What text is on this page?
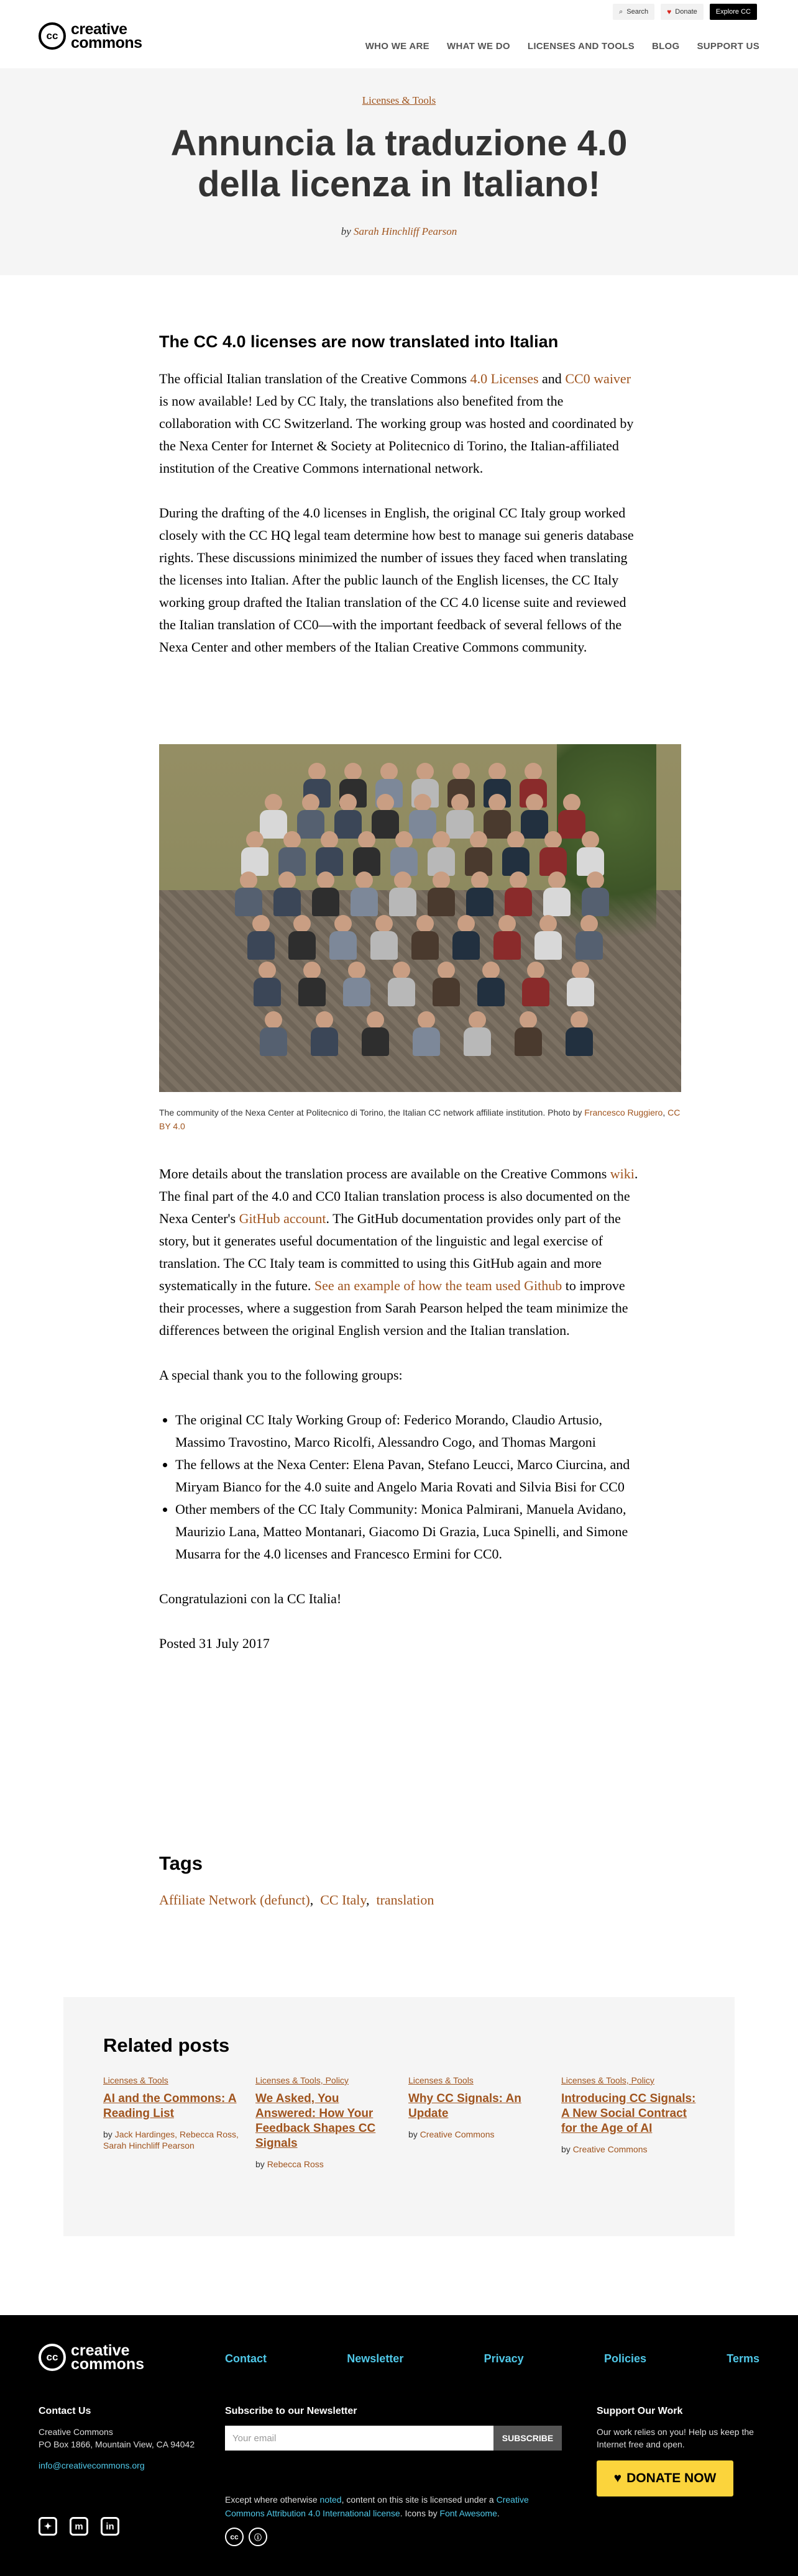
⌕ Search	♥ Donate	Explore CC
cc creative
commons	WHO WE ARE WHAT WE DO LICENSES AND TOOLS BLOG SUPPORT US
Licenses & Tools
Annuncia la traduzione 4.0 della licenza in Italiano!
by Sarah Hinchliff Pearson
The CC 4.0 licenses are now translated into Italian

The official Italian translation of the Creative Commons 4.0 Licenses and CC0 waiver is now available! Led by CC Italy, the translations also benefited from the collaboration with CC Switzerland. The working group was hosted and coordinated by the Nexa Center for Internet & Society at Politecnico di Torino, the Italian-affiliated institution of the Creative Commons international network.

During the drafting of the 4.0 licenses in English, the original CC Italy group worked closely with the CC HQ legal team determine how best to manage sui generis database rights. These discussions minimized the number of issues they faced when translating the licenses into Italian. After the public launch of the English licenses, the CC Italy working group drafted the Italian translation of the CC 4.0 license suite and reviewed the Italian translation of CC0—with the important feedback of several fellows of the Nexa Center and other members of the Italian Creative Commons community.

The community of the Nexa Center at Politecnico di Torino, the Italian CC network affiliate institution. Photo by Francesco Ruggiero, CC BY 4.0

More details about the translation process are available on the Creative Commons wiki. The final part of the 4.0 and CC0 Italian translation process is also documented on the Nexa Center's GitHub account. The GitHub documentation provides only part of the story, but it generates useful documentation of the linguistic and legal exercise of translation. The CC Italy team is committed to using this GitHub again and more systematically in the future. See an example of how the team used Github to improve their processes, where a suggestion from Sarah Pearson helped the team minimize the differences between the original English version and the Italian translation.

A special thank you to the following groups:

• The original CC Italy Working Group of: Federico Morando, Claudio Artusio, Massimo Travostino, Marco Ricolfi, Alessandro Cogo, and Thomas Margoni
• The fellows at the Nexa Center: Elena Pavan, Stefano Leucci, Marco Ciurcina, and Miryam Bianco for the 4.0 suite and Angelo Maria Rovati and Silvia Bisi for CC0
• Other members of the CC Italy Community: Monica Palmirani, Manuela Avidano, Maurizio Lana, Matteo Montanari, Giacomo Di Grazia, Luca Spinelli, and Simone Musarra for the 4.0 licenses and Francesco Ermini for CC0.

Congratulazioni con la CC Italia!

Posted 31 July 2017

Tags
Affiliate Network (defunct), CC Italy, translation
Related posts
Licenses & Tools
AI and the Commons: A Reading List
by Jack Hardinges, Rebecca Ross, Sarah Hinchliff Pearson
Licenses & Tools, Policy
We Asked, You Answered: How Your Feedback Shapes CC Signals
by Rebecca Ross
Licenses & Tools
Why CC Signals: An Update
by Creative Commons
Licenses & Tools, Policy
Introducing CC Signals: A New Social Contract for the Age of AI
by Creative Commons
cc creative
commons	Contact	Newsletter	Privacy	Policies	Terms
Contact Us
Creative Commons
PO Box 1866, Mountain View, CA 94042
info@creativecommons.org
Subscribe to our Newsletter
Your email	SUBSCRIBE
Support Our Work
Our work relies on you! Help us keep the Internet free and open.
♥ DONATE NOW
✦	m	in
Except where otherwise noted, content on this site is licensed under a Creative Commons Attribution 4.0 International license. Icons by Font Awesome.
cc	ⓘ
